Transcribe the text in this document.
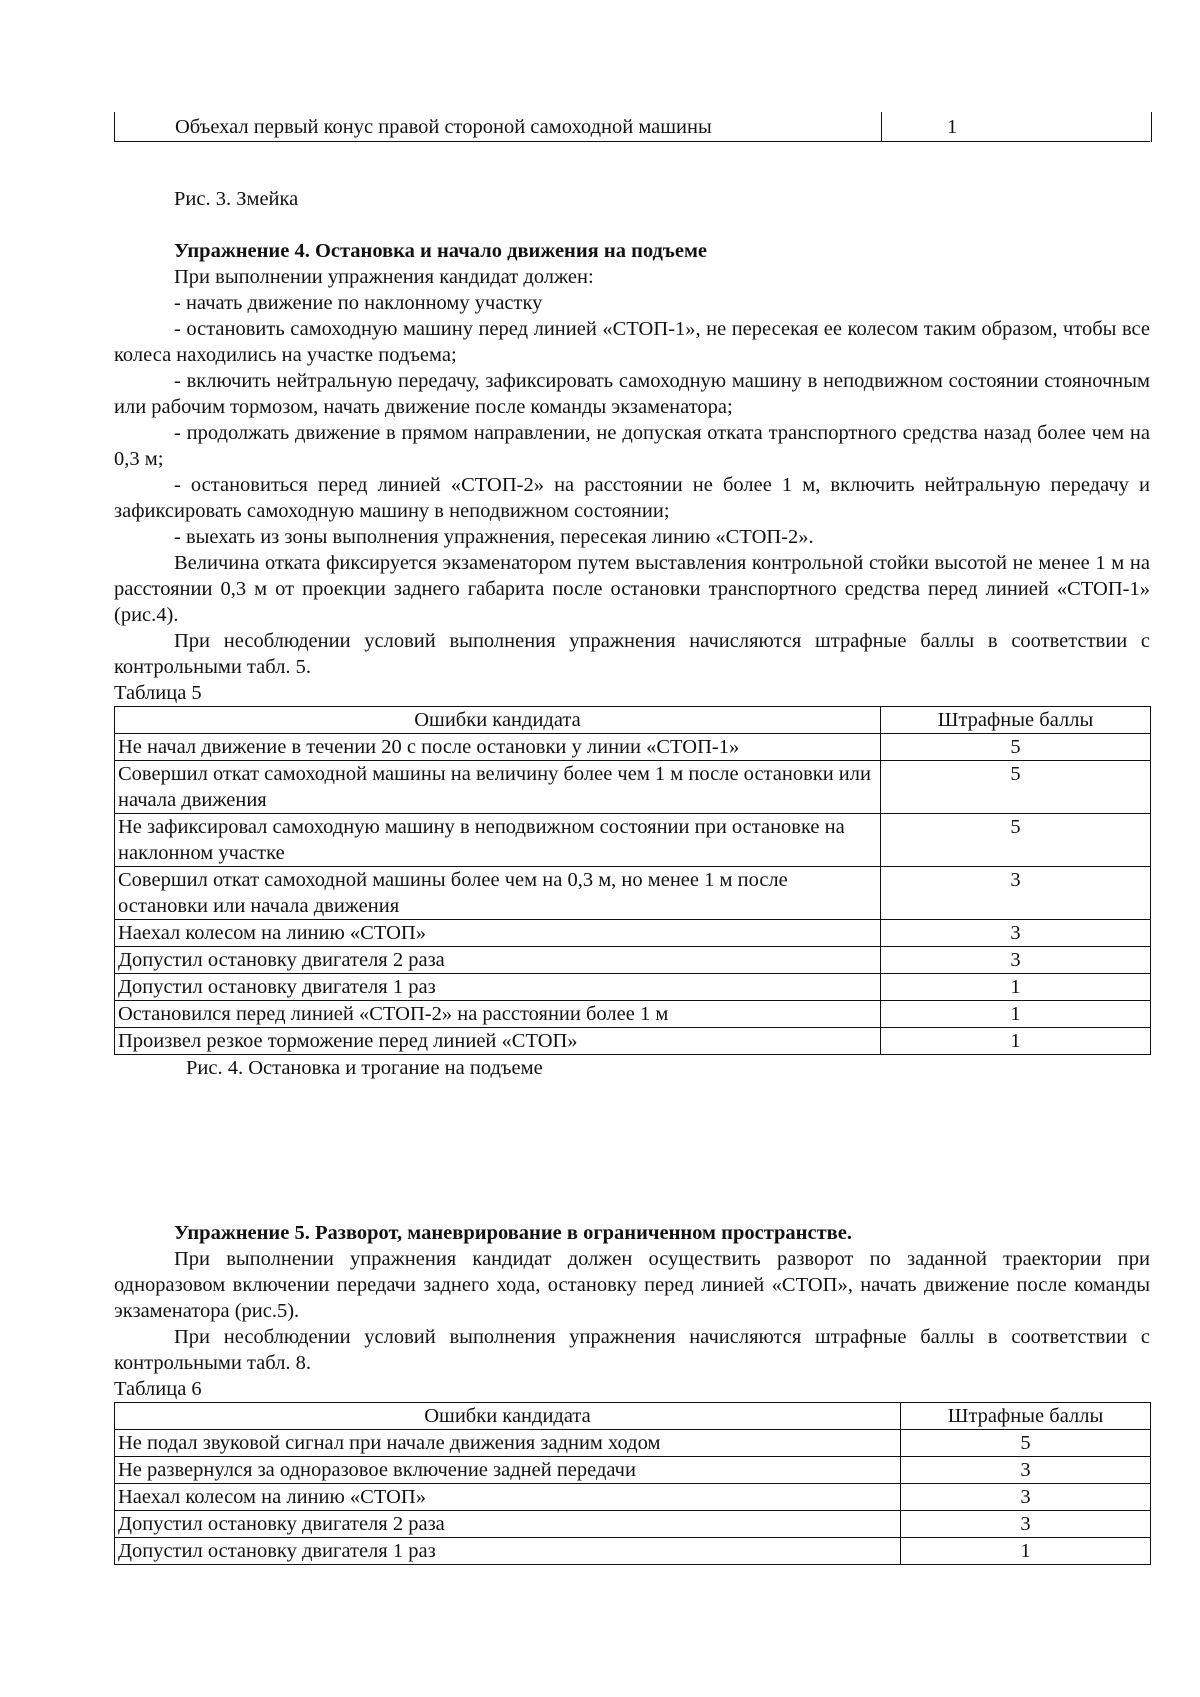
Объехал первый конус правой стороной самоходной машины	1

Рис. 3. Змейка

Упражнение 4. Остановка и начало движения на подъеме

При выполнении упражнения кандидат должен:

- начать движение по наклонному участку

- остановить самоходную машину перед линией «СТОП-1», не пересекая ее колесом таким образом, чтобы все колеса находились на участке подъема;

- включить нейтральную передачу, зафиксировать самоходную машину в неподвижном состоянии стояночным или рабочим тормозом, начать движение после команды экзаменатора;

- продолжать движение в прямом направлении, не допуская отката транспортного средства назад более чем на 0,3 м;

- остановиться перед линией «СТОП-2» на расстоянии не более 1 м, включить нейтральную передачу и зафиксировать самоходную машину в неподвижном состоянии;

- выехать из зоны выполнения упражнения, пересекая линию «СТОП-2».

Величина отката фиксируется экзаменатором путем выставления контрольной стойки высотой не менее 1 м на расстоянии 0,3 м от проекции заднего габарита после остановки транспортного средства перед линией «СТОП-1» (рис.4).

При несоблюдении условий выполнения упражнения начисляются штрафные баллы в соответствии с контрольными табл. 5.

Таблица 5

Ошибки кандидата	Штрафные баллы
Не начал движение в течении 20 с после остановки у линии «СТОП-1»	5
Совершил откат самоходной машины на величину более чем 1 м после остановки или начала движения	5
Не зафиксировал самоходную машину в неподвижном состоянии при остановке на наклонном участке	5
Совершил откат самоходной машины более чем на 0,3 м, но менее 1 м после остановки или начала движения	3
Наехал колесом на линию «СТОП»	3
Допустил остановку двигателя 2 раза	3
Допустил остановку двигателя 1 раз	1
Остановился перед линией «СТОП-2» на расстоянии более 1 м	1
Произвел резкое торможение перед линией «СТОП»	1

Рис. 4. Остановка и трогание на подъеме

Упражнение 5. Разворот, маневрирование в ограниченном пространстве.

При выполнении упражнения кандидат должен осуществить разворот по заданной траектории при одноразовом включении передачи заднего хода, остановку перед линией «СТОП», начать движение после команды экзаменатора (рис.5).

При несоблюдении условий выполнения упражнения начисляются штрафные баллы в соответствии с контрольными табл. 8.

Таблица 6

Ошибки кандидата	Штрафные баллы
Не подал звуковой сигнал при начале движения задним ходом	5
Не развернулся за одноразовое включение задней передачи	3
Наехал колесом на линию «СТОП»	3
Допустил остановку двигателя 2 раза	3
Допустил остановку двигателя 1 раз	1
